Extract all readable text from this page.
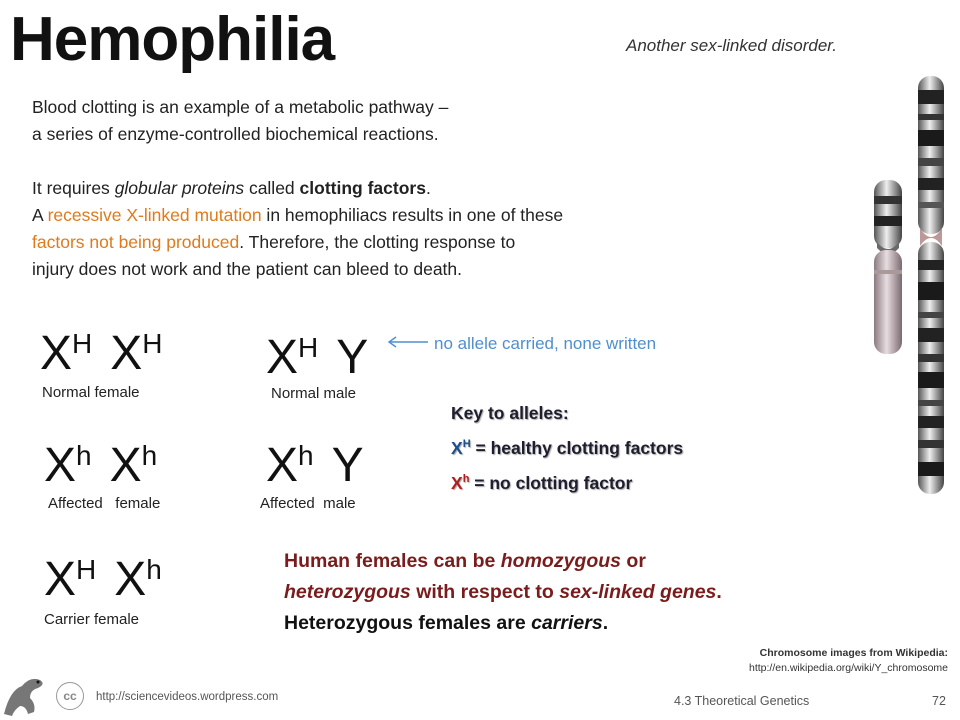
Hemophilia	Another sex-linked disorder.
Blood clotting is an example of a metabolic pathway –
a series of enzyme-controlled biochemical reactions.
It requires globular proteins called clotting factors.
A recessive X-linked mutation in hemophiliacs results in one of these
factors not being produced. Therefore, the clotting response to
injury does not work and the patient can bleed to death.
$X^H$ $X^H$
Normal female
$X^H$ Y
Normal male
no allele carried, none written
$X^h$ $X^h$
Affected female
$X^h$ Y
Affected male
$X^H$ $X^h$
Carrier female
Key to alleles:
$X^H$ = healthy clotting factors
$X^h$ = no clotting factor
Human females can be homozygous or
heterozygous with respect to sex-linked genes.
Heterozygous females are carriers.
Chromosome images from Wikipedia:
http://en.wikipedia.org/wiki/Y_chromosome
cc	http://sciencevideos.wordpress.com	4.3 Theoretical Genetics	72
